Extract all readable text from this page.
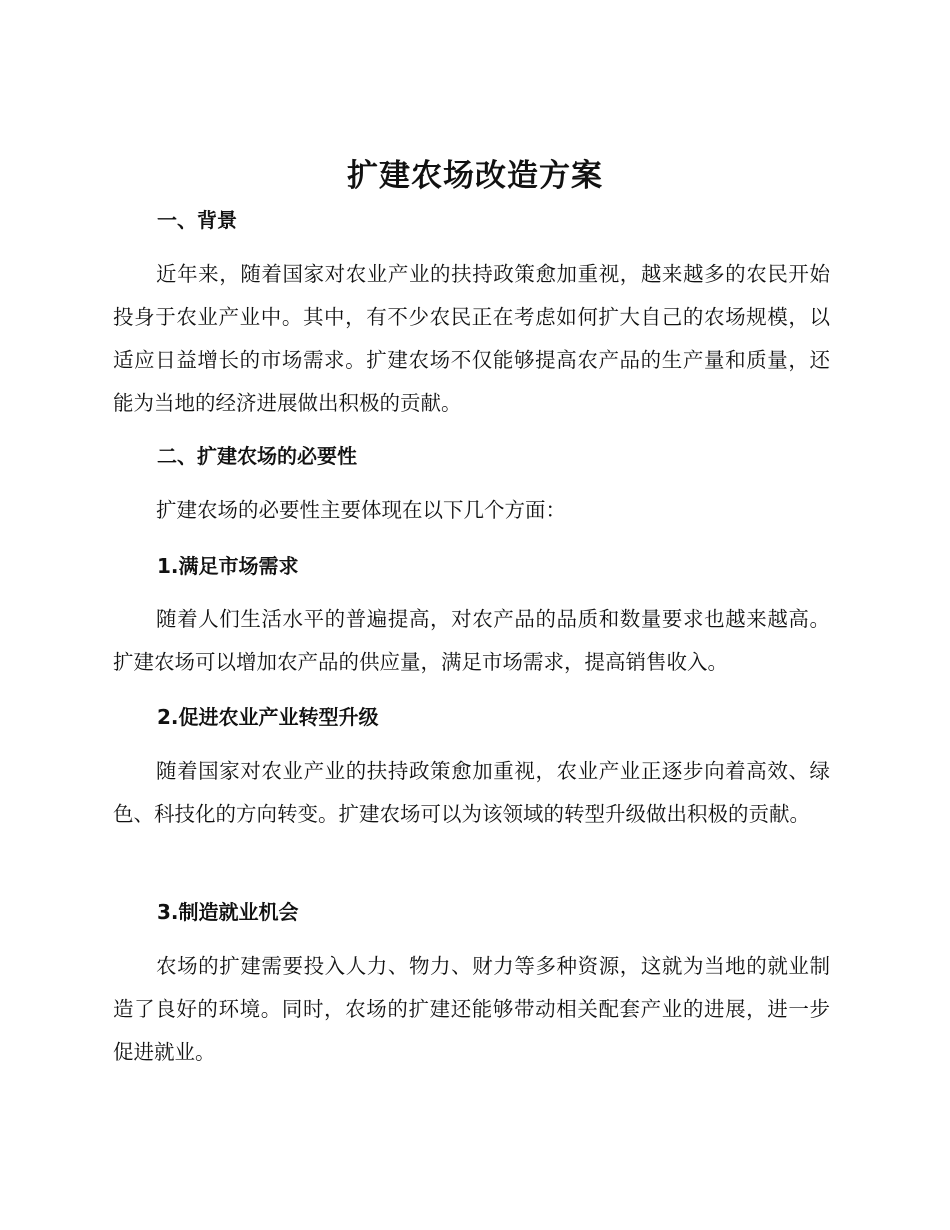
扩建农场改造方案
一、背景

近年来，随着国家对农业产业的扶持政策愈加重视，越来越多的农民开始投身于农业产业中。其中，有不少农民正在考虑如何扩大自己的农场规模，以适应日益增长的市场需求。扩建农场不仅能够提高农产品的生产量和质量，还能为当地的经济进展做出积极的贡献。

二、扩建农场的必要性

扩建农场的必要性主要体现在以下几个方面：

1.满足市场需求

随着人们生活水平的普遍提高，对农产品的品质和数量要求也越来越高。扩建农场可以增加农产品的供应量，满足市场需求，提高销售收入。

2.促进农业产业转型升级

随着国家对农业产业的扶持政策愈加重视，农业产业正逐步向着高效、绿色、科技化的方向转变。扩建农场可以为该领域的转型升级做出积极的贡献。

3.制造就业机会

农场的扩建需要投入人力、物力、财力等多种资源，这就为当地的就业制造了良好的环境。同时，农场的扩建还能够带动相关配套产业的进展，进一步促进就业。
